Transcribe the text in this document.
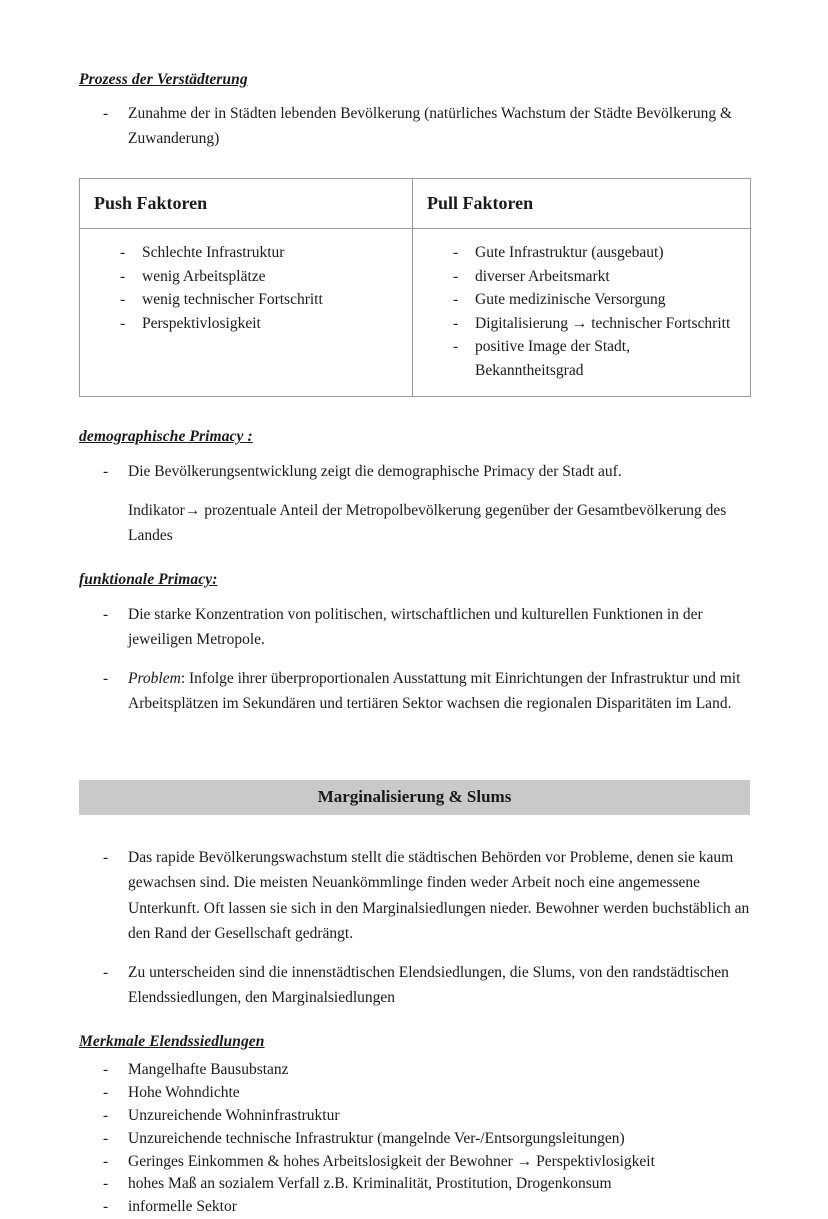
Prozess der Verstädterung
- Zunahme der in Städten lebenden Bevölkerung (natürliches Wachstum der Städte Bevölkerung & Zuwanderung)
Push Faktoren	Pull Faktoren

- Schlechte Infrastruktur
- wenig Arbeitsplätze
- wenig technischer Fortschritt
- Perspektivlosigkeit

- Gute Infrastruktur (ausgebaut)
- diverser Arbeitsmarkt
- Gute medizinische Versorgung
- Digitalisierung → technischer Fortschritt
- positive Image der Stadt, Bekanntheitsgrad
demographische Primacy :
- Die Bevölkerungsentwicklung zeigt die demographische Primacy der Stadt auf.

Indikator→ prozentuale Anteil der Metropolbevölkerung gegenüber der Gesamtbevölkerung des Landes

funktionale Primacy:
- Die starke Konzentration von politischen, wirtschaftlichen und kulturellen Funktionen in der jeweiligen Metropole.
- Problem: Infolge ihrer überproportionalen Ausstattung mit Einrichtungen der Infrastruktur und mit Arbeitsplätzen im Sekundären und tertiären Sektor wachsen die regionalen Disparitäten im Land.
Marginalisierung & Slums
- Das rapide Bevölkerungswachstum stellt die städtischen Behörden vor Probleme, denen sie kaum gewachsen sind. Die meisten Neuankömmlinge finden weder Arbeit noch eine angemessene Unterkunft. Oft lassen sie sich in den Marginalsiedlungen nieder. Bewohner werden buchstäblich an den Rand der Gesellschaft gedrängt.
- Zu unterscheiden sind die innenstädtischen Elendsiedlungen, die Slums, von den randstädtischen Elendssiedlungen, den Marginalsiedlungen
Merkmale Elendssiedlungen
- Mangelhafte Bausubstanz
- Hohe Wohndichte
- Unzureichende Wohninfrastruktur
- Unzureichende technische Infrastruktur (mangelnde Ver-/Entsorgungsleitungen)
- Geringes Einkommen & hohes Arbeitslosigkeit der Bewohner → Perspektivlosigkeit
- hohes Maß an sozialem Verfall z.B. Kriminalität, Prostitution, Drogenkonsum
- informelle Sektor
